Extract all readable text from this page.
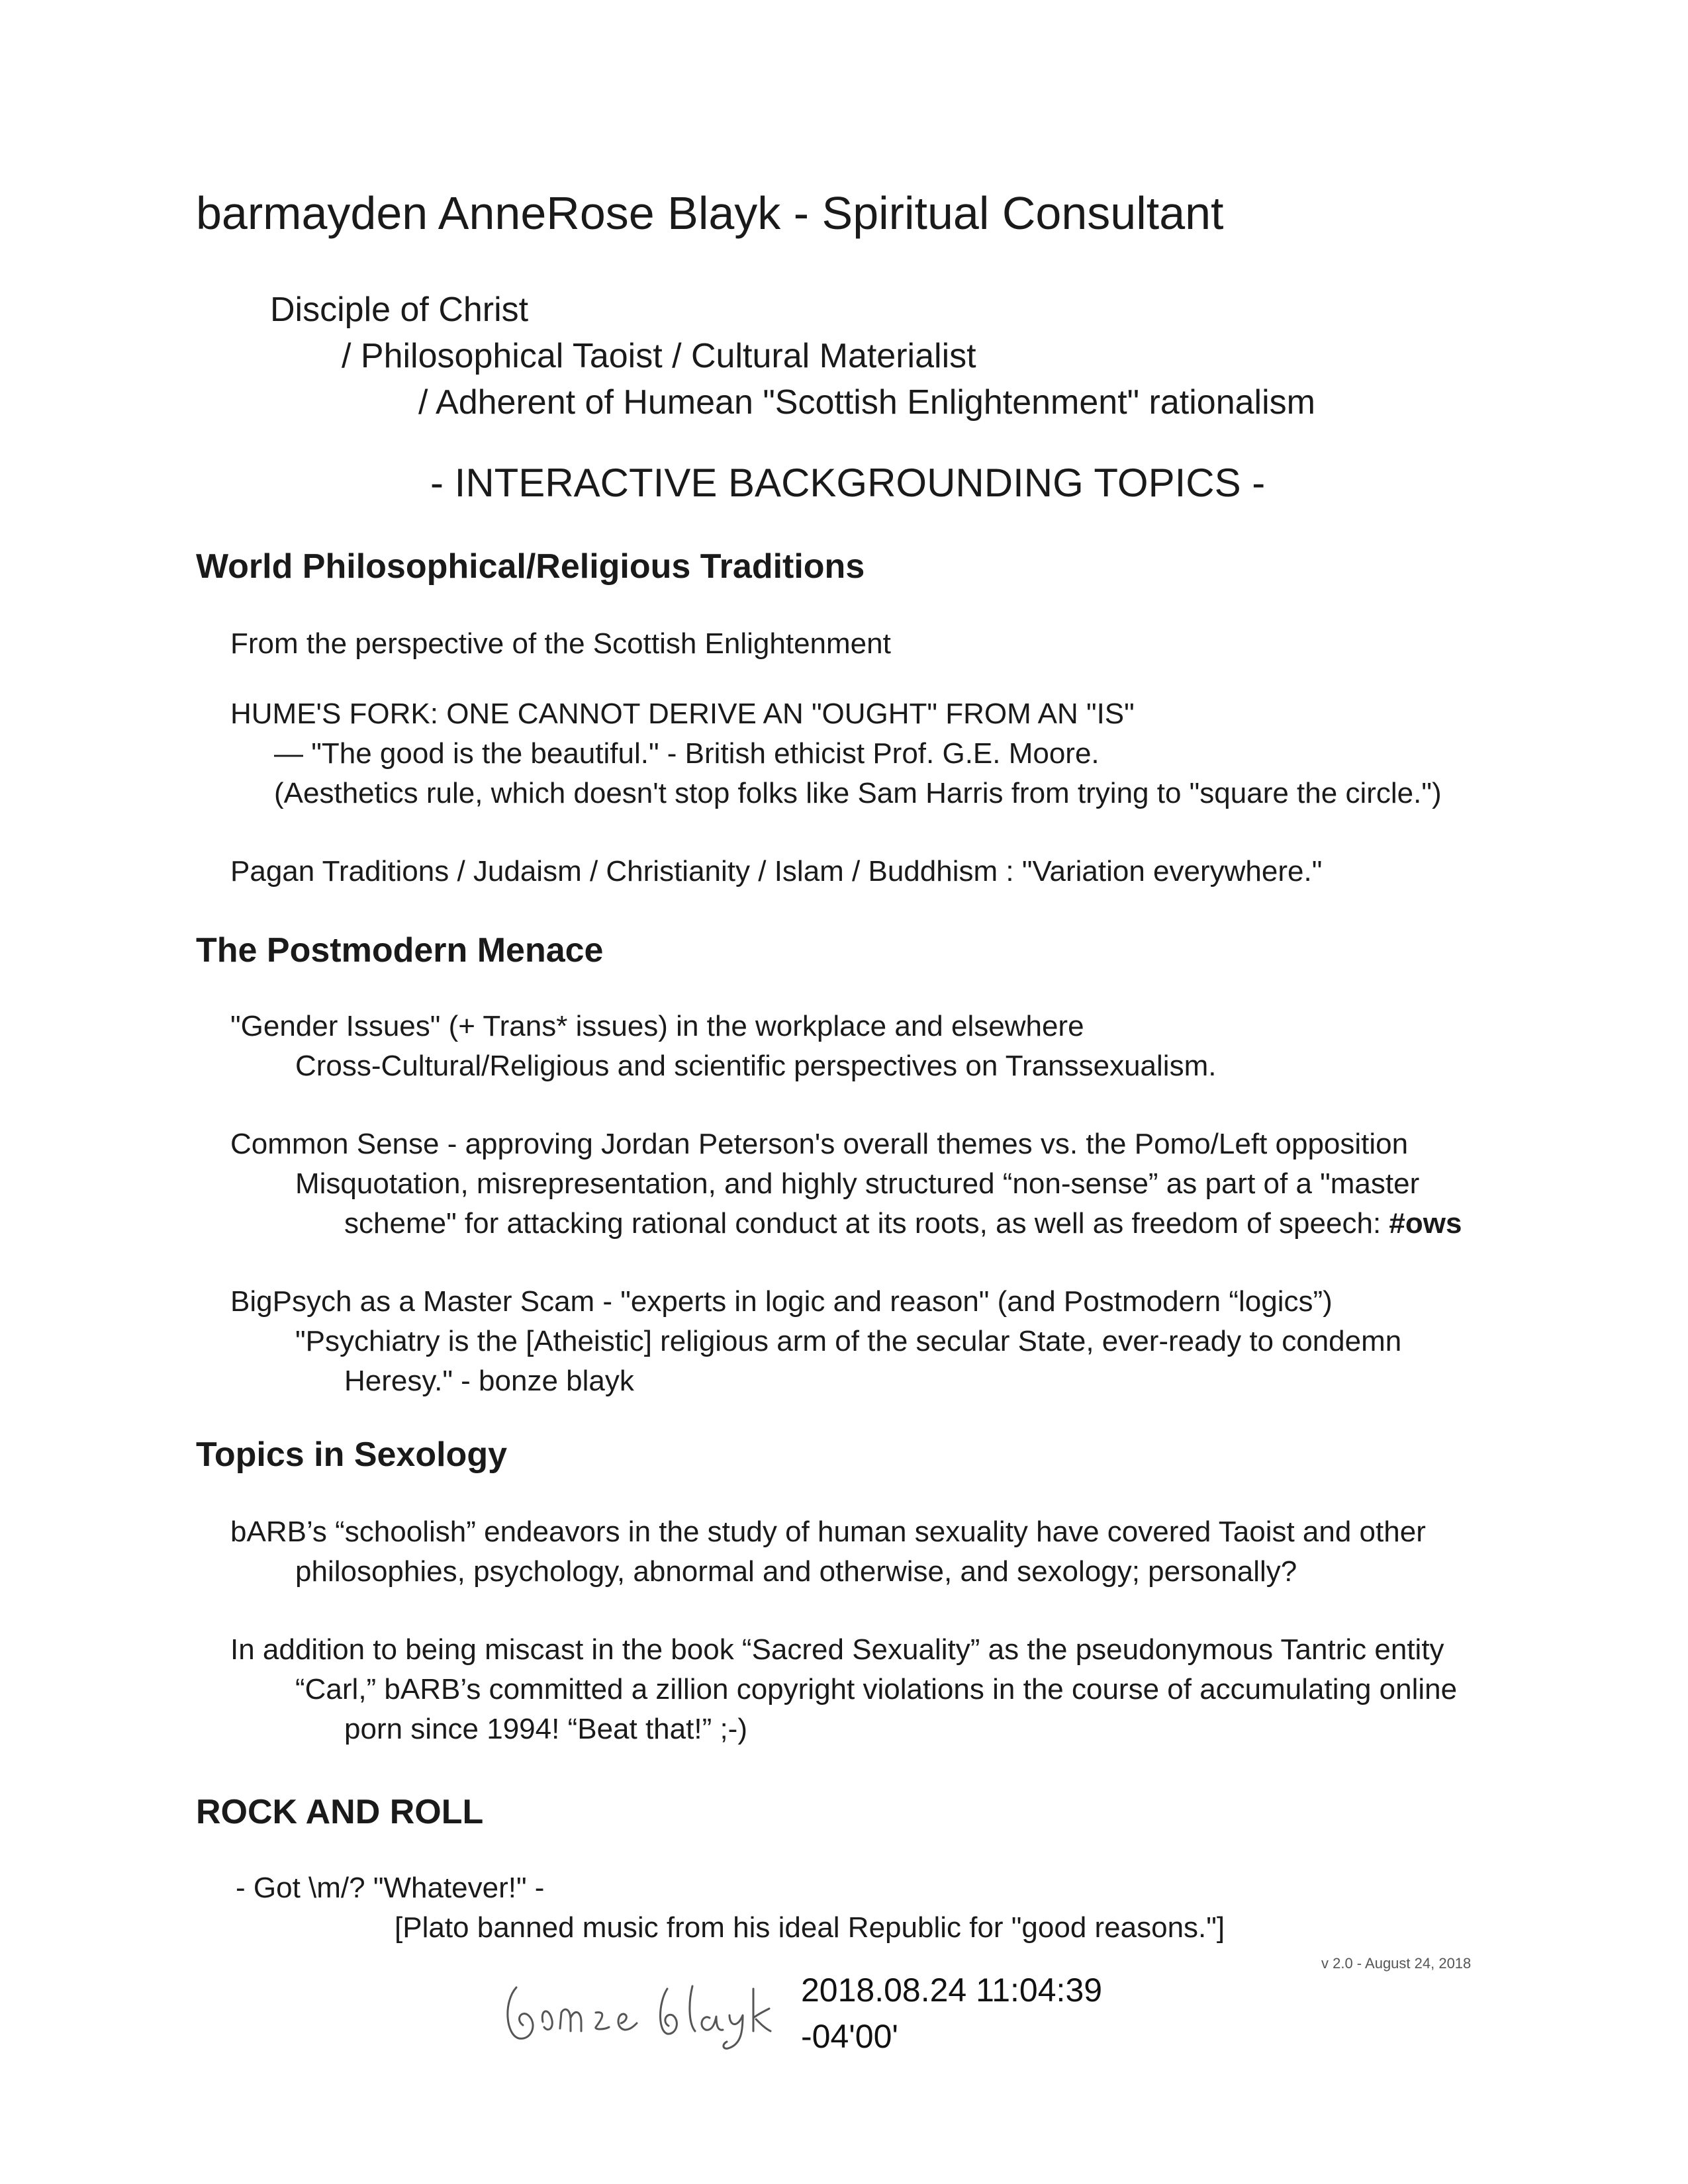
barmayden AnneRose Blayk - Spiritual Consultant
Disciple of Christ
/ Philosophical Taoist / Cultural Materialist
/ Adherent of Humean "Scottish Enlightenment" rationalism
- INTERACTIVE BACKGROUNDING TOPICS -
World Philosophical/Religious Traditions
From the perspective of the Scottish Enlightenment
HUME'S FORK: ONE CANNOT DERIVE AN "OUGHT" FROM AN "IS"
— "The good is the beautiful." - British ethicist Prof. G.E. Moore.
(Aesthetics rule, which doesn't stop folks like Sam Harris from trying to "square the circle.")
Pagan Traditions / Judaism / Christianity / Islam / Buddhism : "Variation everywhere."
The Postmodern Menace
"Gender Issues" (+ Trans* issues) in the workplace and elsewhere
Cross-Cultural/Religious and scientific perspectives on Transsexualism.
Common Sense - approving Jordan Peterson's overall themes vs. the Pomo/Left opposition
Misquotation, misrepresentation, and highly structured “non-sense” as part of a "master
scheme" for attacking rational conduct at its roots, as well as freedom of speech: #ows
BigPsych as a Master Scam - "experts in logic and reason" (and Postmodern “logics”)
"Psychiatry is the [Atheistic] religious arm of the secular State, ever-ready to condemn
Heresy." - bonze blayk
Topics in Sexology
bARB’s “schoolish” endeavors in the study of human sexuality have covered Taoist and other
philosophies, psychology, abnormal and otherwise, and sexology; personally?
In addition to being miscast in the book “Sacred Sexuality” as the pseudonymous Tantric entity
“Carl,” bARB’s committed a zillion copyright violations in the course of accumulating online
porn since 1994! “Beat that!” ;-)
ROCK AND ROLL
- Got \m/? "Whatever!" -
[Plato banned music from his ideal Republic for "good reasons."]
v 2.0 - August 24, 2018
2018.08.24 11:04:39
-04'00'
